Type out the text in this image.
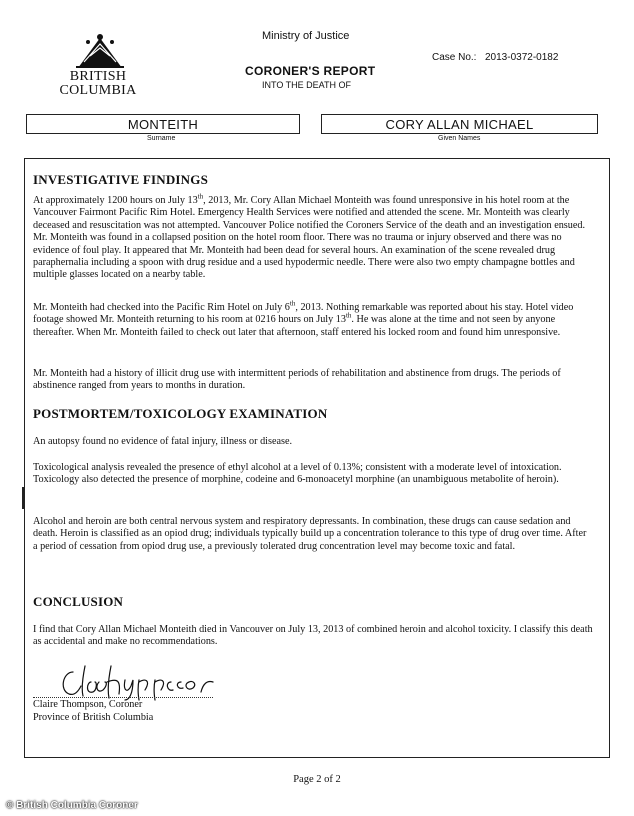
BRITISH
COLUMBIA
Ministry of Justice
CORONER'S REPORT
INTO THE DEATH OF
Case No.: 2013-0372-0182
MONTEITH
Surname
CORY ALLAN MICHAEL
Given Names
INVESTIGATIVE FINDINGS
At approximately 1200 hours on July 13th, 2013, Mr. Cory Allan Michael Monteith was found unresponsive in his hotel room at the Vancouver Fairmont Pacific Rim Hotel. Emergency Health Services were notified and attended the scene. Mr. Monteith was clearly deceased and resuscitation was not attempted. Vancouver Police notified the Coroners Service of the death and an investigation ensued. Mr. Monteith was found in a collapsed position on the hotel room floor. There was no trauma or injury observed and there was no evidence of foul play. It appeared that Mr. Monteith had been dead for several hours. An examination of the scene revealed drug paraphernalia including a spoon with drug residue and a used hypodermic needle. There were also two empty champagne bottles and multiple glasses located on a nearby table.
Mr. Monteith had checked into the Pacific Rim Hotel on July 6th, 2013. Nothing remarkable was reported about his stay. Hotel video footage showed Mr. Monteith returning to his room at 0216 hours on July 13th. He was alone at the time and not seen by anyone thereafter. When Mr. Monteith failed to check out later that afternoon, staff entered his locked room and found him unresponsive.
Mr. Monteith had a history of illicit drug use with intermittent periods of rehabilitation and abstinence from drugs. The periods of abstinence ranged from years to months in duration.
POSTMORTEM/TOXICOLOGY EXAMINATION
An autopsy found no evidence of fatal injury, illness or disease.
Toxicological analysis revealed the presence of ethyl alcohol at a level of 0.13%; consistent with a moderate level of intoxication. Toxicology also detected the presence of morphine, codeine and 6-monoacetyl morphine (an unambiguous metabolite of heroin).
Alcohol and heroin are both central nervous system and respiratory depressants. In combination, these drugs can cause sedation and death. Heroin is classified as an opiod drug; individuals typically build up a concentration tolerance to this type of drug over time. After a period of cessation from opiod drug use, a previously tolerated drug concentration level may become toxic and fatal.
CONCLUSION
I find that Cory Allan Michael Monteith died in Vancouver on July 13, 2013 of combined heroin and alcohol toxicity. I classify this death as accidental and make no recommendations.
Claire Thompson, Coroner
Province of British Columbia
Page 2 of 2
© British Columbia Coroner
